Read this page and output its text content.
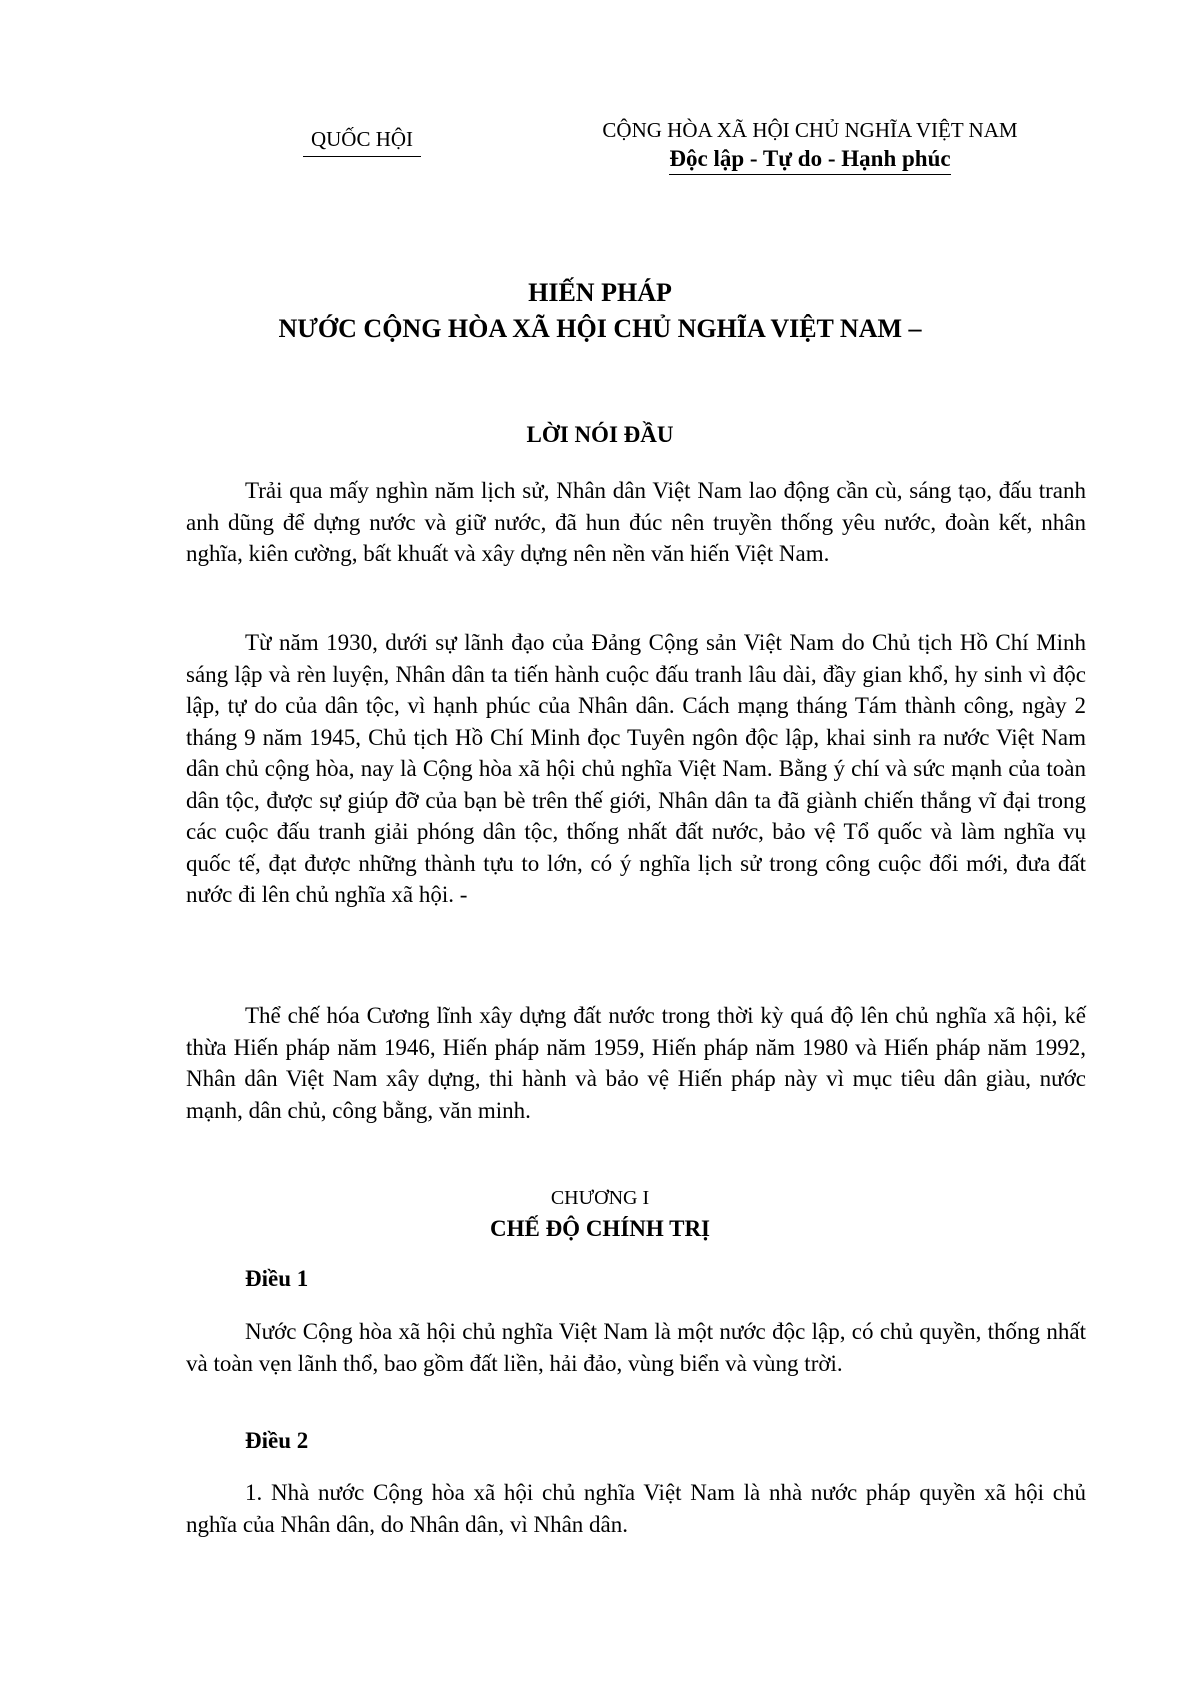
QUỐC HỘI	CỘNG HÒA XÃ HỘI CHỦ NGHĨA VIỆT NAM
Độc lập - Tự do - Hạnh phúc
HIẾN PHÁP
NƯỚC CỘNG HÒA XÃ HỘI CHỦ NGHĨA VIỆT NAM –
LỜI NÓI ĐẦU

Trải qua mấy nghìn năm lịch sử, Nhân dân Việt Nam lao động cần cù, sáng tạo, đấu tranh anh dũng để dựng nước và giữ nước, đã hun đúc nên truyền thống yêu nước, đoàn kết, nhân nghĩa, kiên cường, bất khuất và xây dựng nên nền văn hiến Việt Nam.

Từ năm 1930, dưới sự lãnh đạo của Đảng Cộng sản Việt Nam do Chủ tịch Hồ Chí Minh sáng lập và rèn luyện, Nhân dân ta tiến hành cuộc đấu tranh lâu dài, đầy gian khổ, hy sinh vì độc lập, tự do của dân tộc, vì hạnh phúc của Nhân dân. Cách mạng tháng Tám thành công, ngày 2 tháng 9 năm 1945, Chủ tịch Hồ Chí Minh đọc Tuyên ngôn độc lập, khai sinh ra nước Việt Nam dân chủ cộng hòa, nay là Cộng hòa xã hội chủ nghĩa Việt Nam. Bằng ý chí và sức mạnh của toàn dân tộc, được sự giúp đỡ của bạn bè trên thế giới, Nhân dân ta đã giành chiến thắng vĩ đại trong các cuộc đấu tranh giải phóng dân tộc, thống nhất đất nước, bảo vệ Tổ quốc và làm nghĩa vụ quốc tế, đạt được những thành tựu to lớn, có ý nghĩa lịch sử trong công cuộc đổi mới, đưa đất nước đi lên chủ nghĩa xã hội. -

Thể chế hóa Cương lĩnh xây dựng đất nước trong thời kỳ quá độ lên chủ nghĩa xã hội, kế thừa Hiến pháp năm 1946, Hiến pháp năm 1959, Hiến pháp năm 1980 và Hiến pháp năm 1992, Nhân dân Việt Nam xây dựng, thi hành và bảo vệ Hiến pháp này vì mục tiêu dân giàu, nước mạnh, dân chủ, công bằng, văn minh.

CHƯƠNG I
CHẾ ĐỘ CHÍNH TRỊ
Điều 1

Nước Cộng hòa xã hội chủ nghĩa Việt Nam là một nước độc lập, có chủ quyền, thống nhất và toàn vẹn lãnh thổ, bao gồm đất liền, hải đảo, vùng biển và vùng trời.

Điều 2

1. Nhà nước Cộng hòa xã hội chủ nghĩa Việt Nam là nhà nước pháp quyền xã hội chủ nghĩa của Nhân dân, do Nhân dân, vì Nhân dân.
